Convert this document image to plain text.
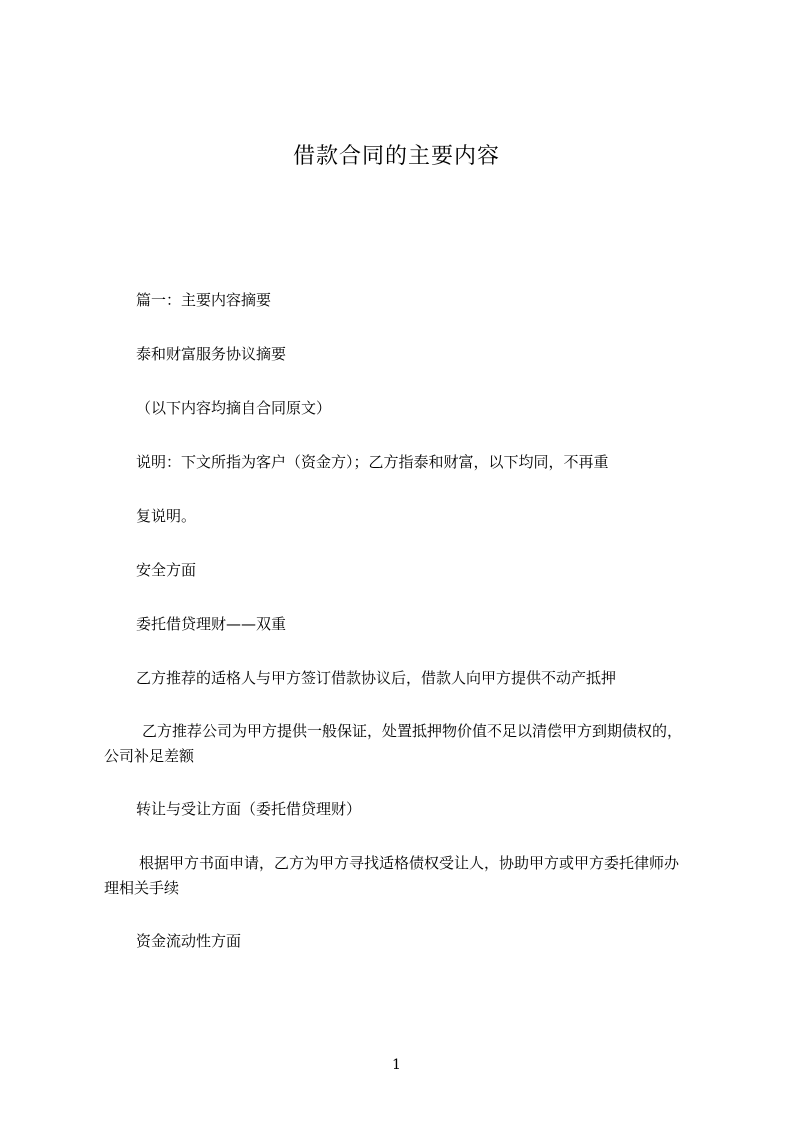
借款合同的主要内容
篇一：主要内容摘要
泰和财富服务协议摘要
（以下内容均摘自合同原文）
说明：下文所指为客户（资金方）；乙方指泰和财富，以下均同，不再重
复说明。
安全方面
委托借贷理财——双重
乙方推荐的适格人与甲方签订借款协议后，借款人向甲方提供不动产抵押
乙方推荐公司为甲方提供一般保证，处置抵押物价值不足以清偿甲方到期债权的，
公司补足差额
转让与受让方面（委托借贷理财）
根据甲方书面申请，乙方为甲方寻找适格债权受让人，协助甲方或甲方委托律师办
理相关手续
资金流动性方面
1
